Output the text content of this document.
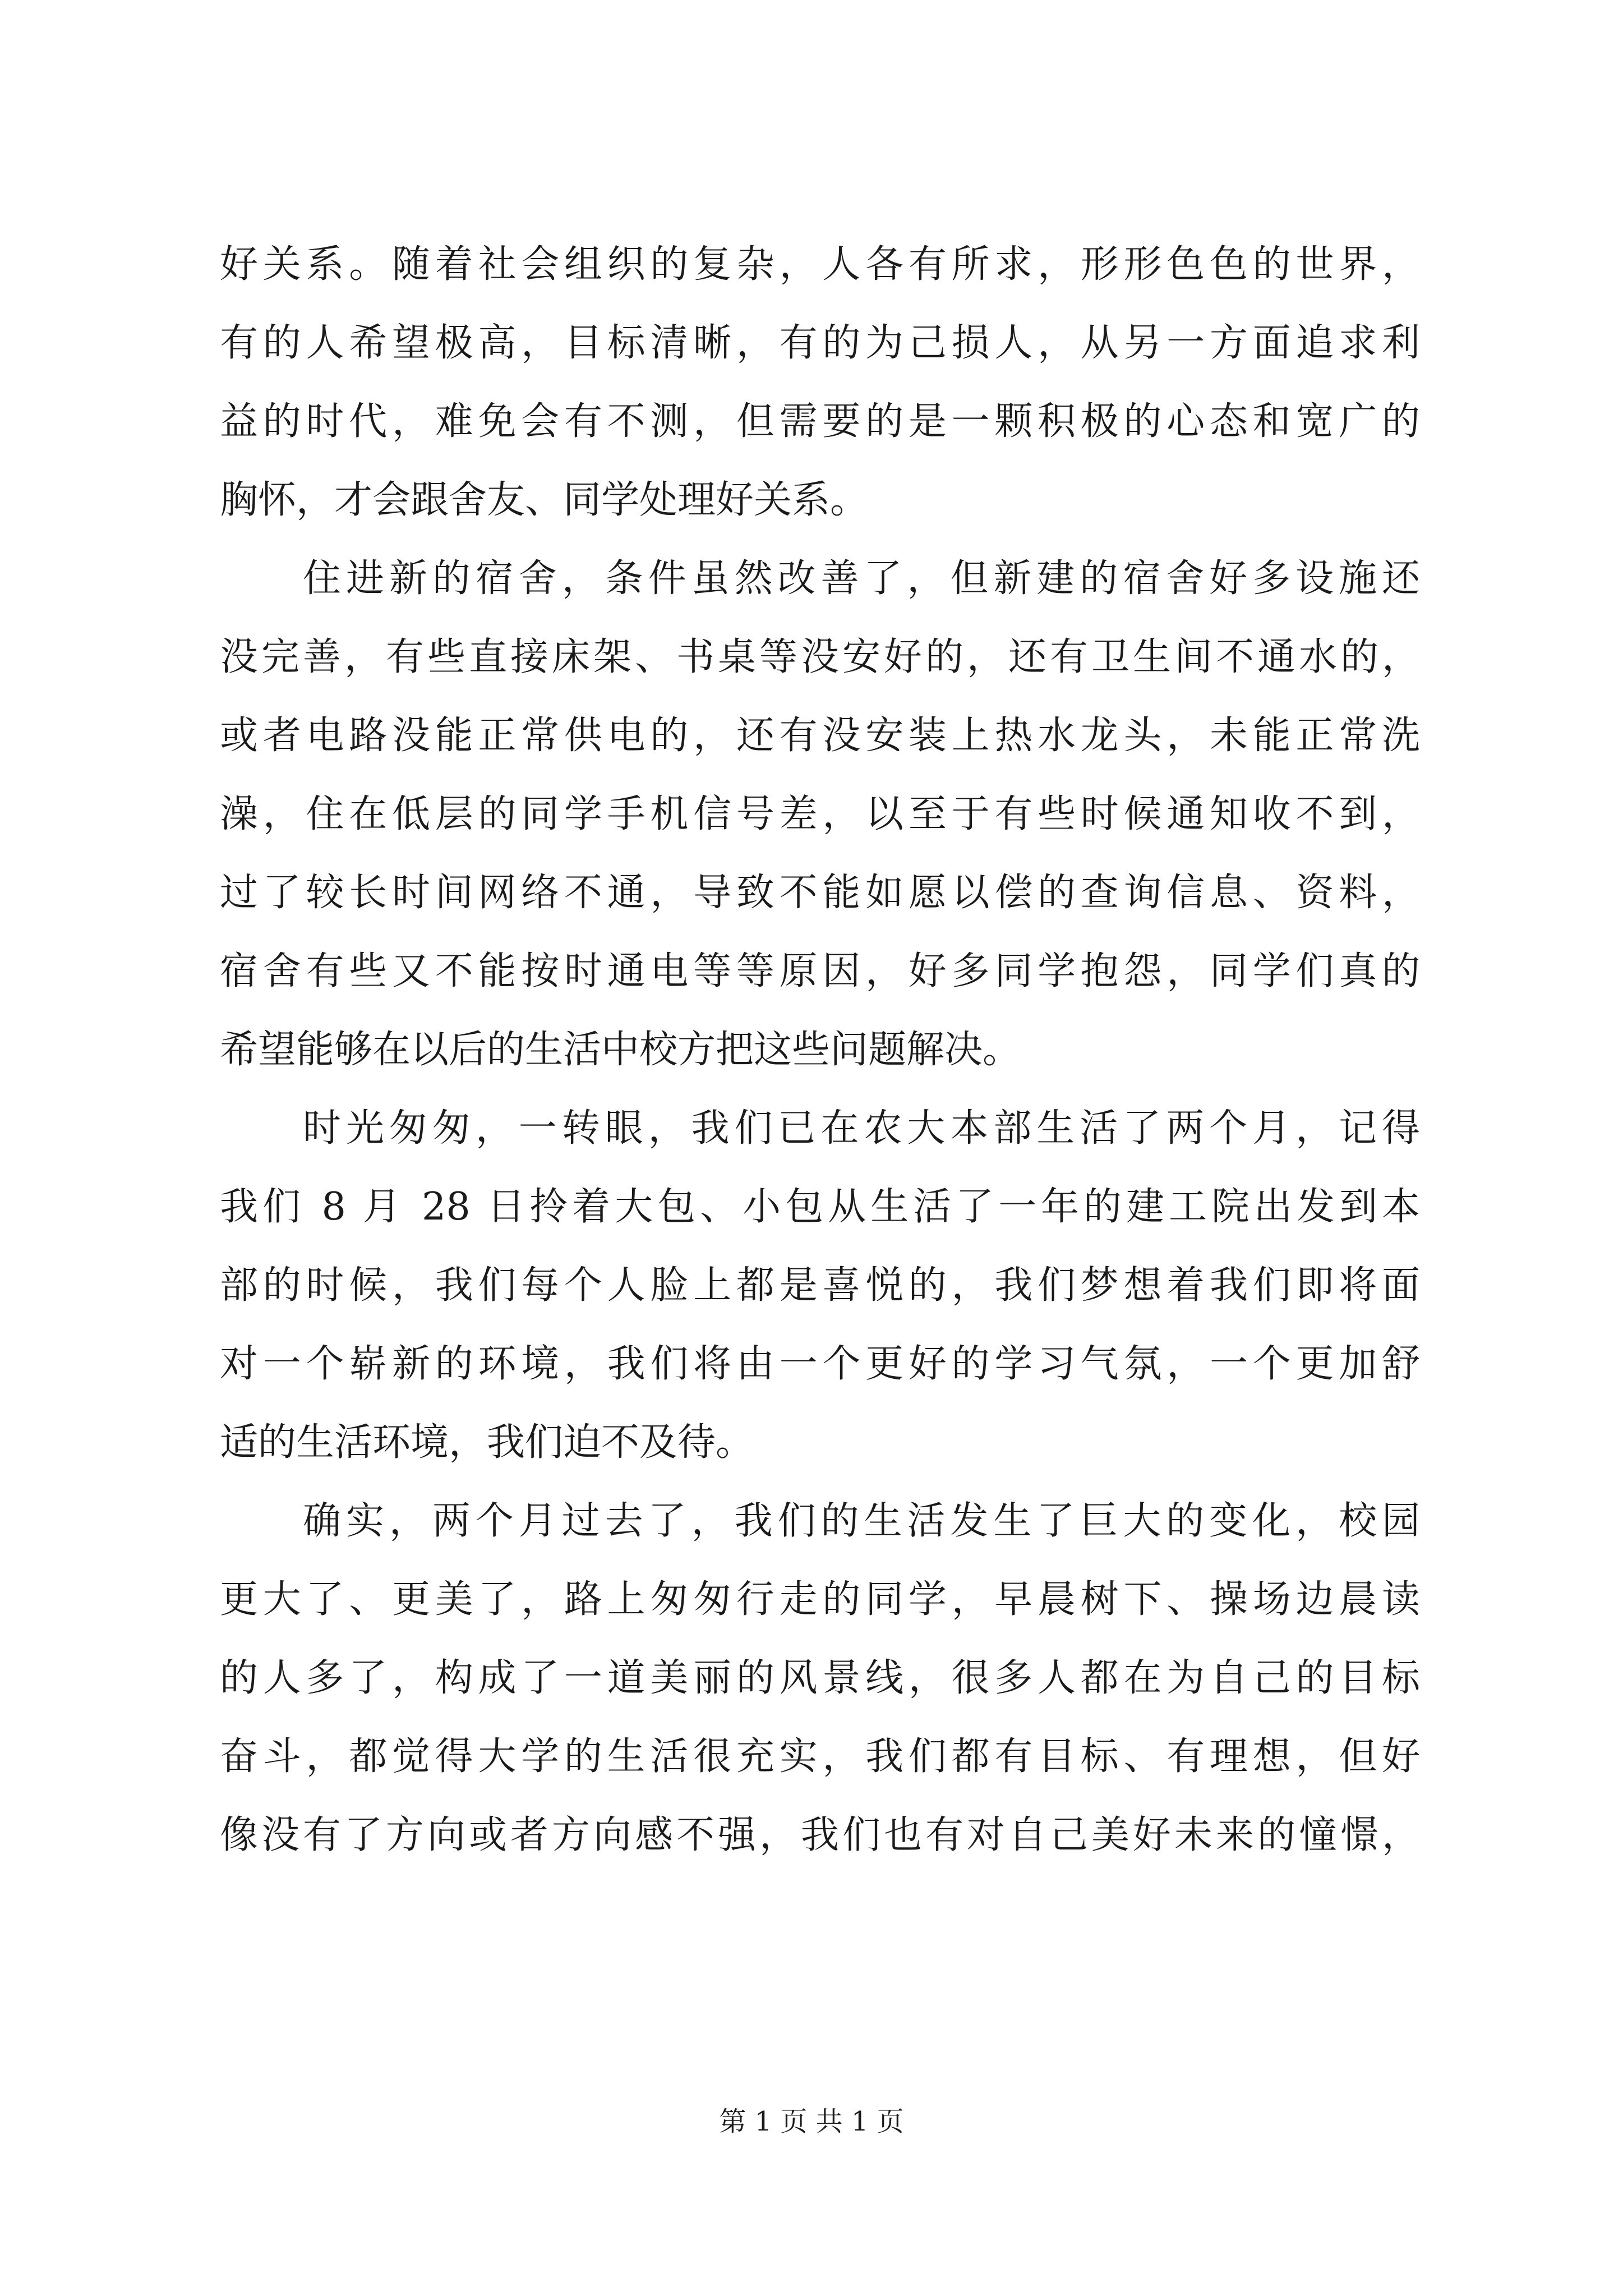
好关系。随着社会组织的复杂，人各有所求，形形色色的世界，
有的人希望极高，目标清晰，有的为己损人，从另一方面追求利
益的时代，难免会有不测，但需要的是一颗积极的心态和宽广的
胸怀，才会跟舍友、同学处理好关系。
住进新的宿舍，条件虽然改善了，但新建的宿舍好多设施还
没完善，有些直接床架、书桌等没安好的，还有卫生间不通水的，
或者电路没能正常供电的，还有没安装上热水龙头，未能正常洗
澡，住在低层的同学手机信号差，以至于有些时候通知收不到，
过了较长时间网络不通，导致不能如愿以偿的查询信息、资料，
宿舍有些又不能按时通电等等原因，好多同学抱怨，同学们真的
希望能够在以后的生活中校方把这些问题解决。
时光匆匆，一转眼，我们已在农大本部生活了两个月，记得
我们 8 月 28 日拎着大包、小包从生活了一年的建工院出发到本
部的时候，我们每个人脸上都是喜悦的，我们梦想着我们即将面
对一个崭新的环境，我们将由一个更好的学习气氛，一个更加舒
适的生活环境，我们迫不及待。
确实，两个月过去了，我们的生活发生了巨大的变化，校园
更大了、更美了，路上匆匆行走的同学，早晨树下、操场边晨读
的人多了，构成了一道美丽的风景线，很多人都在为自己的目标
奋斗，都觉得大学的生活很充实，我们都有目标、有理想，但好
像没有了方向或者方向感不强，我们也有对自己美好未来的憧憬，
第 1 页 共 1 页
